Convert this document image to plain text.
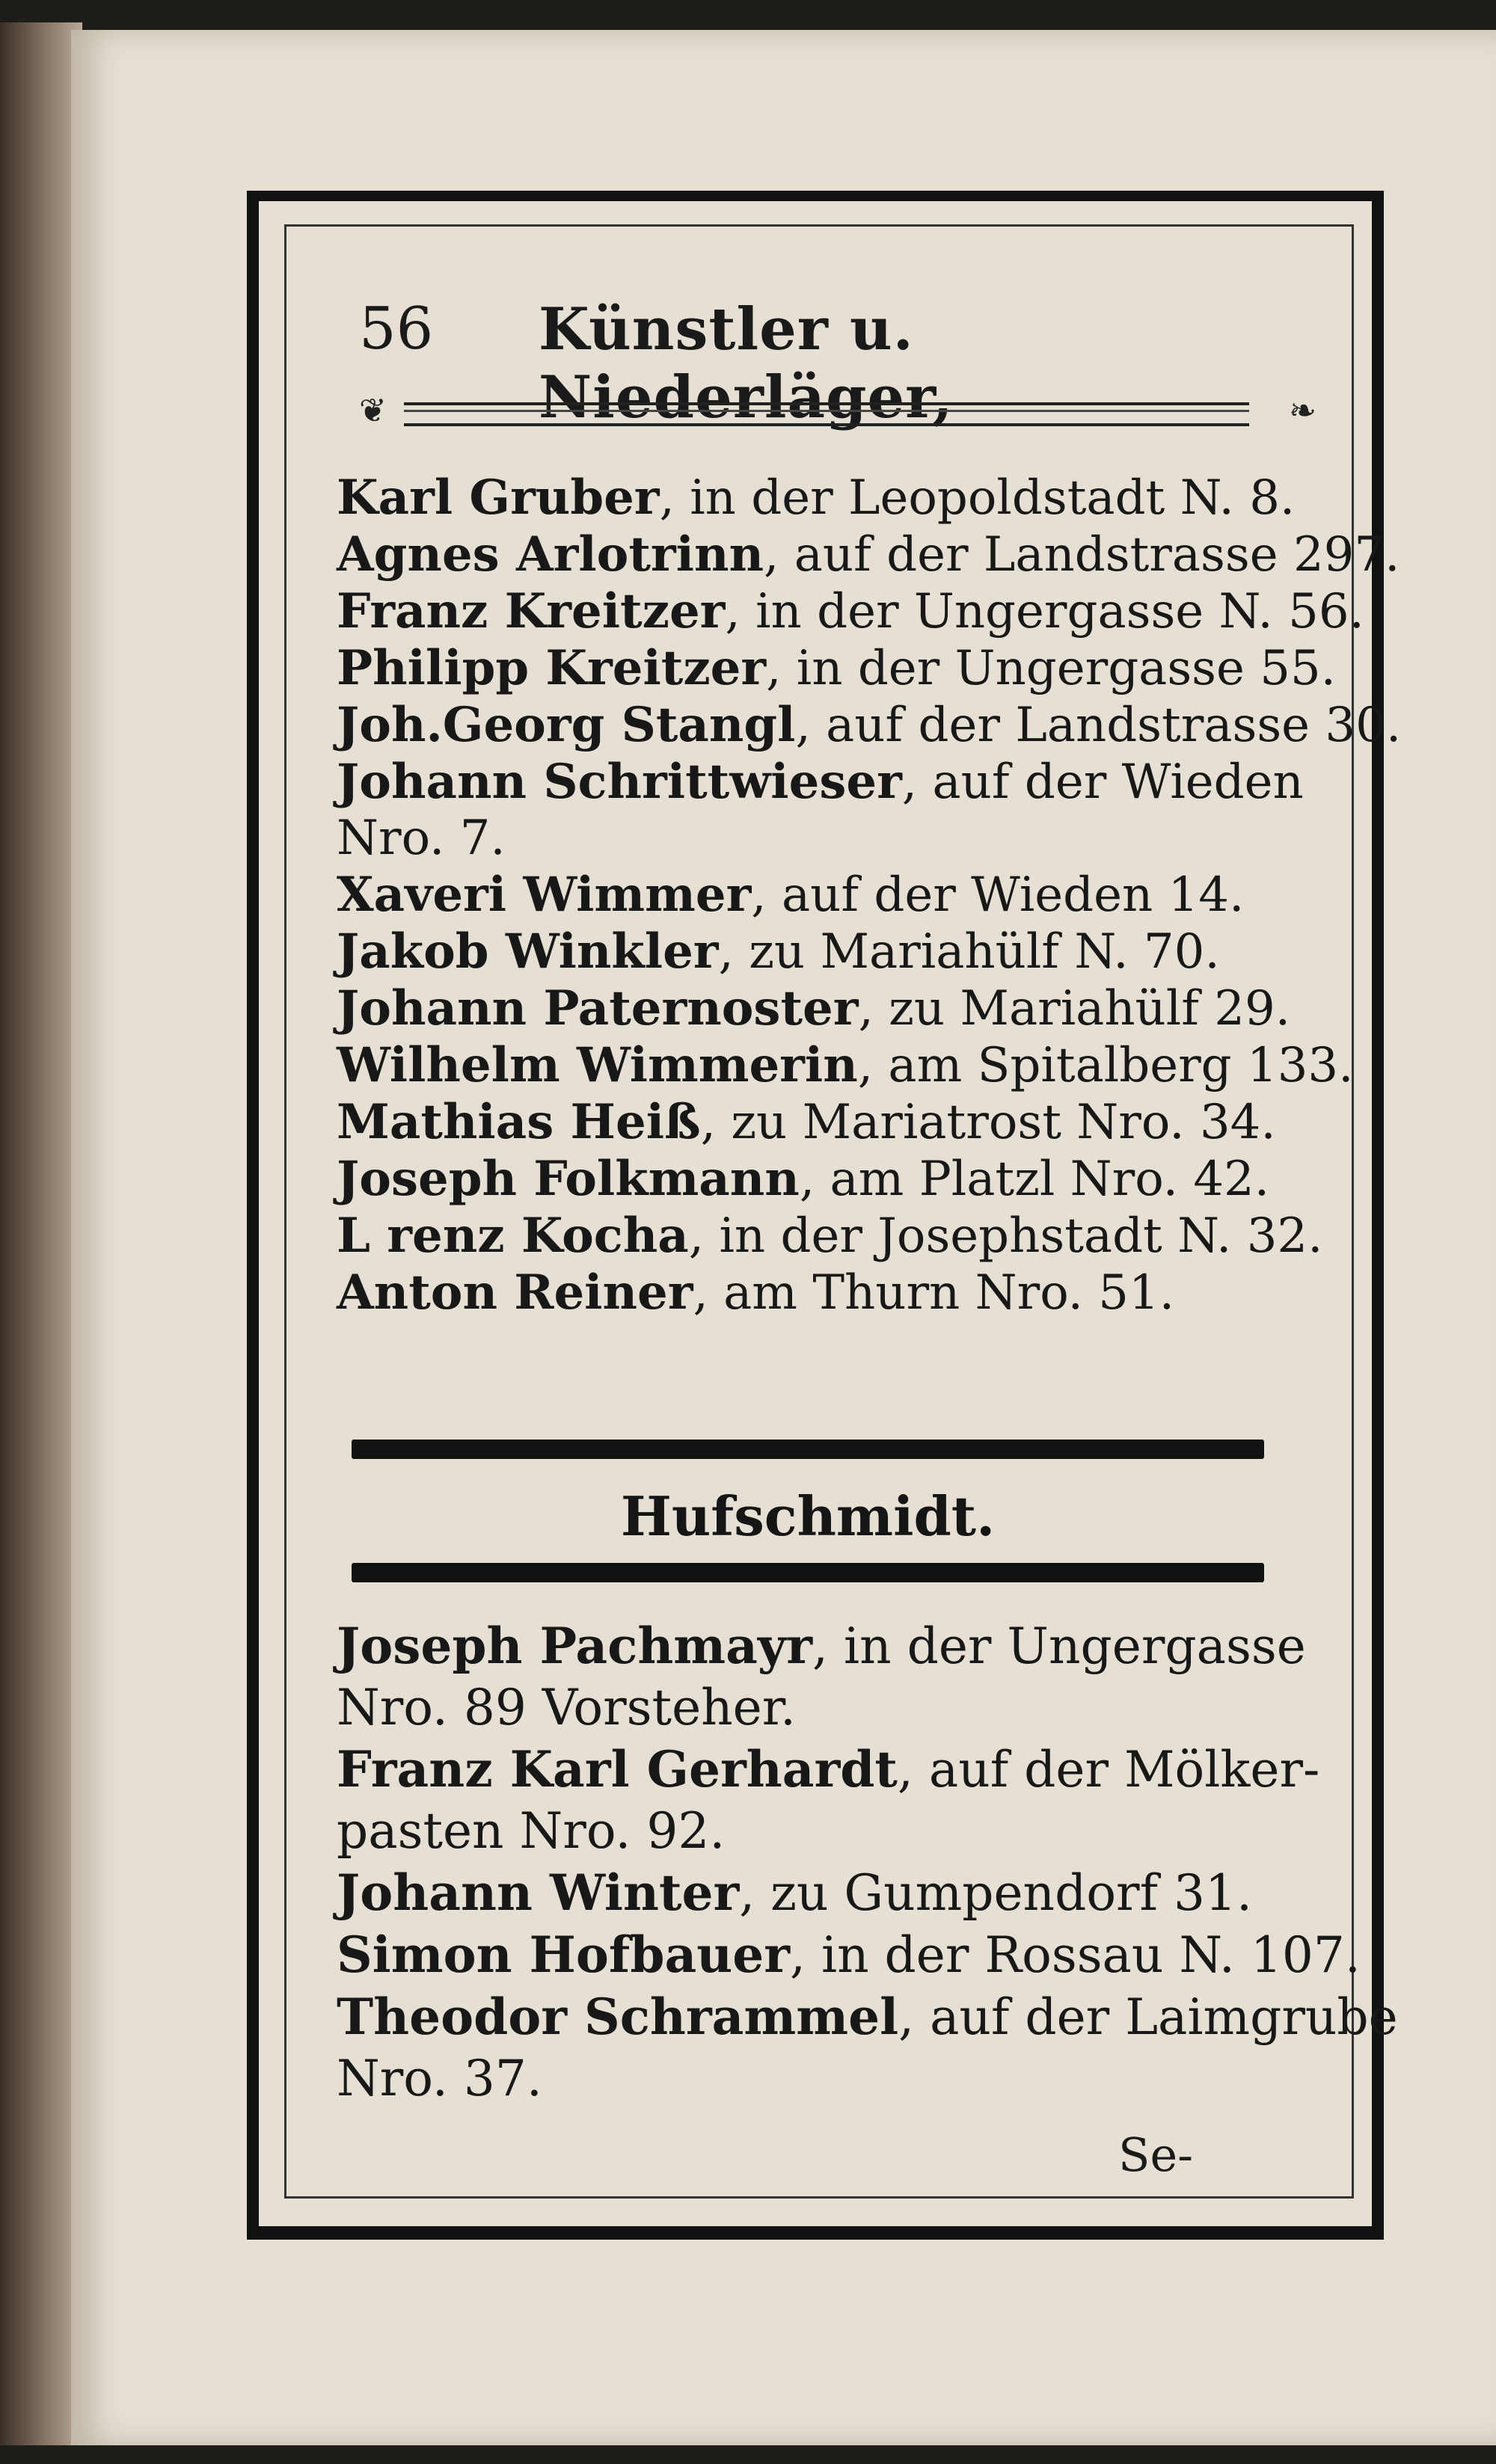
56 Künstler u. Niederläger,
❦	❧
Karl Gruber, in der Leopoldstadt N. 8.
Agnes Arlotrinn, auf der Landstrasse 297.
Franz Kreitzer, in der Ungergasse N. 56.
Philipp Kreitzer, in der Ungergasse 55.
Joh.Georg Stangl, auf der Landstrasse 30.
Johann Schrittwieser, auf der Wieden
Nro. 7.
Xaveri Wimmer, auf der Wieden 14.
Jakob Winkler, zu Mariahülf N. 70.
Johann Paternoster, zu Mariahülf 29.
Wilhelm Wimmerin, am Spitalberg 133.
Mathias Heiß, zu Mariatrost Nro. 34.
Joseph Folkmann, am Platzl Nro. 42.
L renz Kocha, in der Josephstadt N. 32.
Anton Reiner, am Thurn Nro. 51.
Hufschmidt.
Joseph Pachmayr, in der Ungergasse
Nro. 89 Vorsteher.
Franz Karl Gerhardt, auf der Mölker-
pasten Nro. 92.
Johann Winter, zu Gumpendorf 31.
Simon Hofbauer, in der Rossau N. 107.
Theodor Schrammel, auf der Laimgrube
Nro. 37.
Se-
